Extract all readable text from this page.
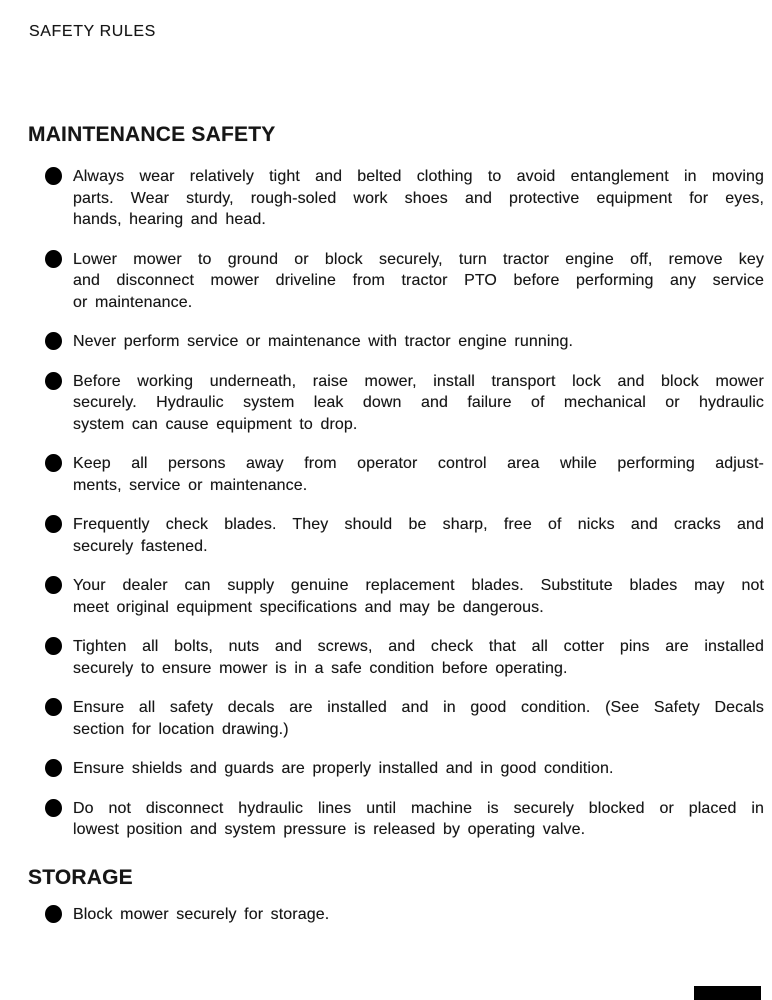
SAFETY RULES
MAINTENANCE SAFETY
Always wear relatively tight and belted clothing to avoid entanglement in moving
parts. Wear sturdy, rough-soled work shoes and protective equipment for eyes,
hands, hearing and head.
Lower mower to ground or block securely, turn tractor engine off, remove key
and disconnect mower driveline from tractor PTO before performing any service
or maintenance.
Never perform service or maintenance with tractor engine running.
Before working underneath, raise mower, install transport lock and block mower
securely. Hydraulic system leak down and failure of mechanical or hydraulic
system can cause equipment to drop.
Keep all persons away from operator control area while performing adjust-
ments, service or maintenance.
Frequently check blades. They should be sharp, free of nicks and cracks and
securely fastened.
Your dealer can supply genuine replacement blades. Substitute blades may not
meet original equipment specifications and may be dangerous.
Tighten all bolts, nuts and screws, and check that all cotter pins are installed
securely to ensure mower is in a safe condition before operating.
Ensure all safety decals are installed and in good condition. (See Safety Decals
section for location drawing.)
Ensure shields and guards are properly installed and in good condition.
Do not disconnect hydraulic lines until machine is securely blocked or placed in
lowest position and system pressure is released by operating valve.
STORAGE
Block mower securely for storage.
